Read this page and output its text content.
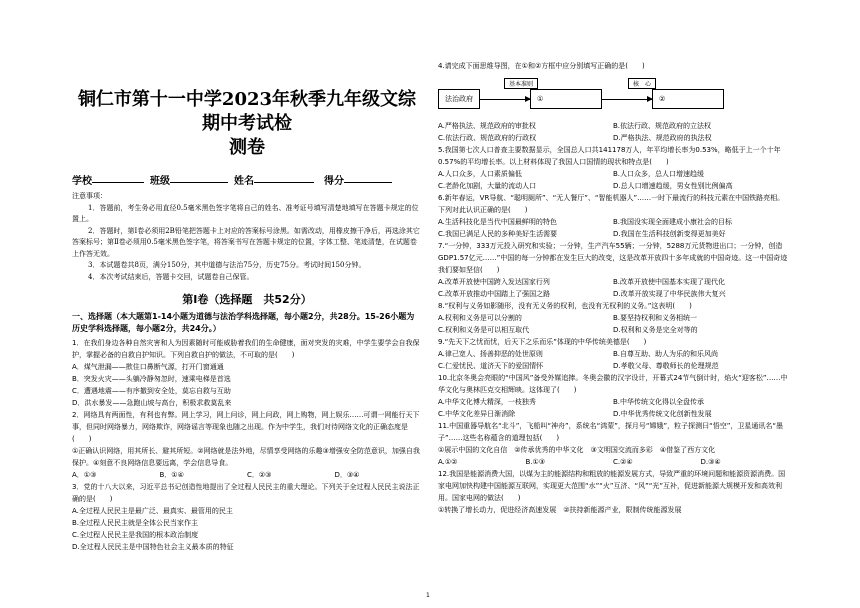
铜仁市第十一中学2023年秋季九年级文综期中考试检
测卷
学校	班级	姓名	得分

注意事项：

1．答题前，考生务必用直径0.5毫米黑色签字笔将自己的姓名、准考证号填写清楚地填写在答题卡规定的位置上。

2．答题时，第Ⅰ卷必须用2B铅笔把答题卡上对应的答案标号涂黑。如需改动，用橡皮擦干净后，再选涂其它答案标号；第Ⅱ卷必须用0.5毫米黑色签字笔，将答案书写在答题卡规定的位置，字体工整、笔迹清楚，在试题卷上作答无效。

3．本试题卷共8页，满分150分，其中道德与法治75分，历史75分。考试时间150分钟。

4．本次考试结束后，答题卡交回，试题卷自己保管。

第Ⅰ卷（选择题　共52分）
一、选择题（本大题第1-14小题为道德与法治学科选择题，每小题2分，共28分。15-26小题为历史学科选择题，每小题2分，共24分。）

1．在我们身边各种自然灾害和人为因素随时可能威胁着我们的生命健康，面对突发的灾难，中学生要学会自我保护，掌握必备的自救自护知识。下列自救自护的做法，不可取的是(　　)

A．煤气泄漏——揿住口鼻断气源，打开门窗通通

B．突发火灾——头躺冷静匆忽时，速乘电梯是首选

C．遭遇地震——有序撤到安全处，莫忘自救与互助

D．洪水暴发——急跑山坡与高台，积极求救莫乱来

2．网络具有两面性，有利也有弊。网上学习，网上问诊，网上问政，网上购物，网上娱乐……可谓一网能行天下事，但同时网络暴力，网络欺诈，网络谣言等现象也随之出现。作为中学生，我们对待网络文化的正确态度是(　　)

①正确认识网络，用其所长、避其所短。②网络就是法外地，尽情享受网络的乐趣③增强安全防范意识，加强自我保护。④刻意不良网络信息要远离，学会信息导食。

A．①③	B．①④	C．②③	D．③④

3．党的十八大以来，习近平总书记创造性地提出了全过程人民民主的重大理论。下列关于全过程人民民主说法正确的是(　　)

A.全过程人民民主是最广泛、最真实、最管用的民主

B.全过程人民民主就是全体公民当家作主

C.全过程人民民主是我国的根本政治制度

D.全过程人民民主是中国特色社会主义最本质的特征

4.请完成下面思维导图，在①和②方框中应分别填写正确的是(　　)

法治政府	①	②
基本准则	核　心
A.严格执法、规范政府的审批权	B.依法行政、规范政府的立法权
C.依法行政、规范政府的行政权	D.严格执法、规范政府的执法权

5.我国第七次人口普查主要数据显示，全国总人口共141178万人，年平均增长率为0.53%，略低于上一个十年0.57%的平均增长率。以上材料体现了我国人口国情的现状和特点是(　　)

A.人口众多，人口素质偏低	B.人口众多，总人口增速趋缓
C.老龄化加剧，大量的流动人口	D.总人口增速趋缓，男女性别比例偏高

6.新年春运，VR导航、“聪明厕所”、“无人餐厅”、“智能机器人”……一时下最流行的科技元素在中国铁路亮相。下列对此认识正确的是(　　)

A.生活科技化是当代中国最鲜明的特色	B.我国没实现全面建成小康社会的目标
C.我国已满足人民的多种美好生活需要	D.我国在生活科技创新变得更加美好

7.“一分钟，333万元投入研究和实验；一分钟，生产汽车55辆；一分钟，5288万元货物进出口；一分钟，创造GDP1.57亿元……”中国的每一分钟都在发生巨大的改变，这是改革开放四十多年成就的中国奇迹。这一中国奇迹我们要如坚信(　　)

A.改革开放使中国跨入发达国家行列	B.改革开放使中国基本实现了现代化
C.改革开放推动中国踏上了强国之路	D.改革开放实现了中华民族伟大复兴

8.“权利与义务如影随形，没有无义务的权利，也没有无权利的义务。”这表明(　　)

A.权利和义务是可以分割的	B.要坚持权利和义务相统一
C.权利和义务是可以相互取代	D.权利和义务是完全对等的

9.“先天下之忧而忧，后天下之乐而乐”体现的中华传统美德是(　　)

A.律己宽人、扬善抑恶的处世原则	B.自尊互助、助人为乐的和乐风尚
C.仁爱忧民、道济天下的爱国情怀	D.孝敬父母、尊敬师长的伦理规范

10.北京冬奥会亮眼的“中国风”备受外媒追捧。冬奥会徽的汉字设计，开幕式24节气倒计时，焰火“迎客松”……中华文化与奥林匹克交相辉映。这体现了(　　)

A.中华文化博大精深，一枝独秀	B.中华传统文化得以全盘传承
C.中华文化差异日渐消除	D.中华优秀传统文化创新性发展

11.中国重器导航名“北斗”，飞船叫“神舟”，系统名“鸿蒙”，探月号“嫦娥”，粒子探测曰“悟空”，卫星通讯名“墨子”……这些名称蕴含的道理包括(　　)

①展示中国的文化自信　②传承优秀的中华文化　③文明国交流而多彩　④借鉴了西方文化

A.①②	B.①③	C.②④	D.③④

12.我国是能源消费大国，以煤为主的能源结构和粗放的能源发展方式，导致严重的环境问题和能源资源消费。国家电网加快构建中国能源互联网，实现更大范围“水”“火”互济、“风”“光”互补，促进新能源大规模开发和高效利用。国家电网的做法(　　)

①转换了增长动力，促进经济高速发展　②扶持新能源产业，限制传统能源发展

1
